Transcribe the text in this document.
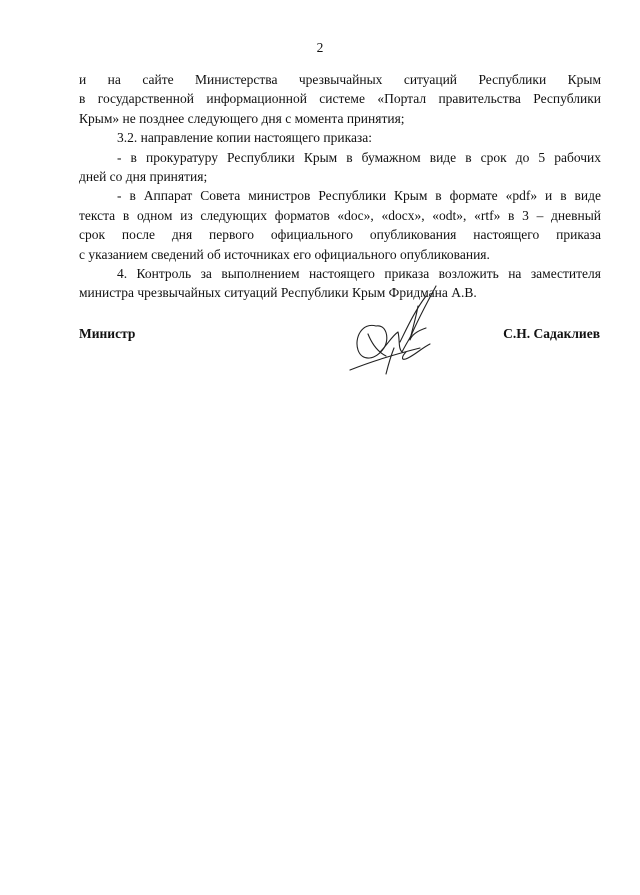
2

и на сайте Министерства чрезвычайных ситуаций Республики Крым
в государственной информационной системе «Портал правительства Республики
Крым» не позднее следующего дня с момента принятия;

3.2. направление копии настоящего приказа:

- в прокуратуру Республики Крым в бумажном виде в срок до 5 рабочих
дней со дня принятия;

- в Аппарат Совета министров Республики Крым в формате «pdf» и в виде
текста в одном из следующих форматов «doc», «docx», «odt», «rtf» в 3 – дневный
срок после дня первого официального опубликования настоящего приказа
с указанием сведений об источниках его официального опубликования.

4. Контроль за выполнением настоящего приказа возложить на заместителя
министра чрезвычайных ситуаций Республики Крым Фридмана А.В.

Министр	С.Н. Садаклиев
